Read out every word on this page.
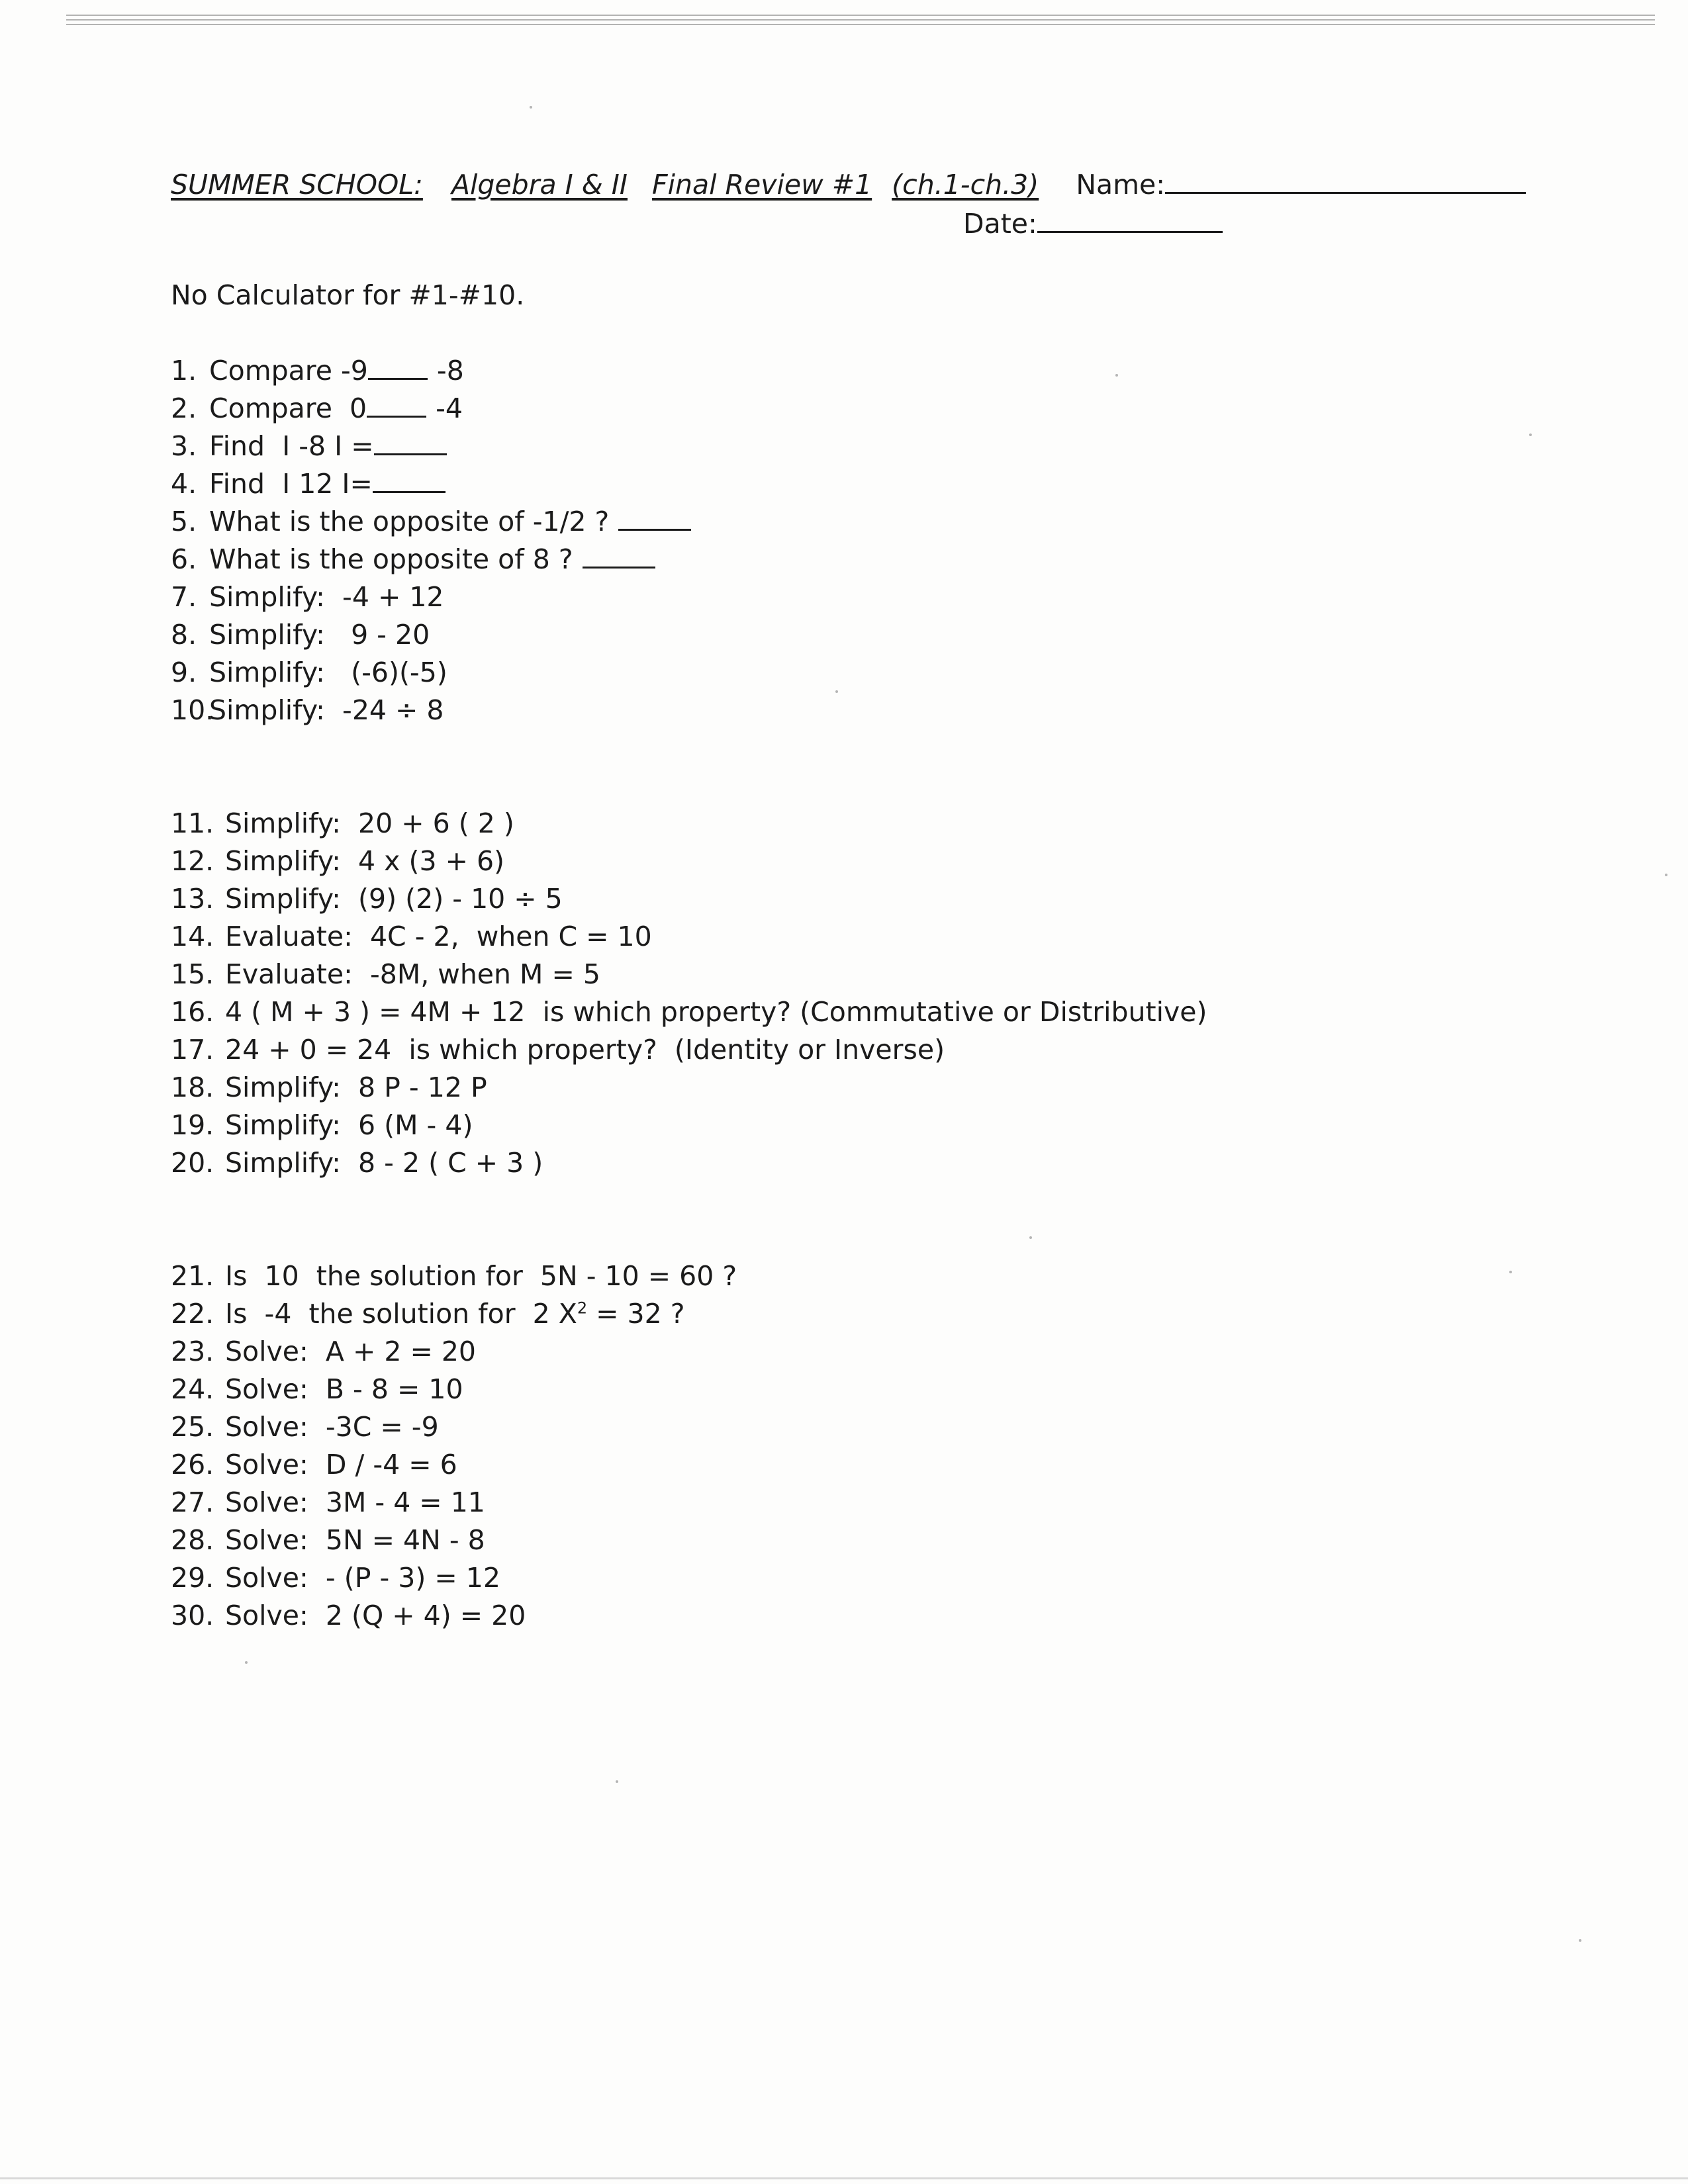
SUMMER SCHOOL: Algebra I & II Final Review #1 (ch.1-ch.3) Name:
Date:
No Calculator for #1-#10.
1. Compare -9	-8
2. Compare  0	-4
3. Find  I -8 I =
4. Find  I 12 I=
5. What is the opposite of -1/2 ?
6. What is the opposite of 8 ?
7. Simplify:  -4 + 12
8. Simplify:   9 - 20
9. Simplify:   (-6)(-5)
10.Simplify:  -24 ÷ 8
11. Simplify:  20 + 6 ( 2 )
12. Simplify:  4 x (3 + 6)
13. Simplify:  (9) (2) - 10 ÷ 5
14. Evaluate:  4C - 2,  when C = 10
15. Evaluate:  -8M, when M = 5
16. 4 ( M + 3 ) = 4M + 12  is which property? (Commutative or Distributive)
17. 24 + 0 = 24  is which property?  (Identity or Inverse)
18. Simplify:  8 P - 12 P
19. Simplify:  6 (M - 4)
20. Simplify:  8 - 2 ( C + 3 )
21. Is  10  the solution for  5N - 10 = 60 ?
22. Is  -4  the solution for  2 $X^2 = 32$ ?
23. Solve:  A + 2 = 20
24. Solve:  B - 8 = 10
25. Solve:  -3C = -9
26. Solve:  D / -4 = 6
27. Solve:  3M - 4 = 11
28. Solve:  5N = 4N - 8
29. Solve:  - (P - 3) = 12
30. Solve:  2 (Q + 4) = 20
